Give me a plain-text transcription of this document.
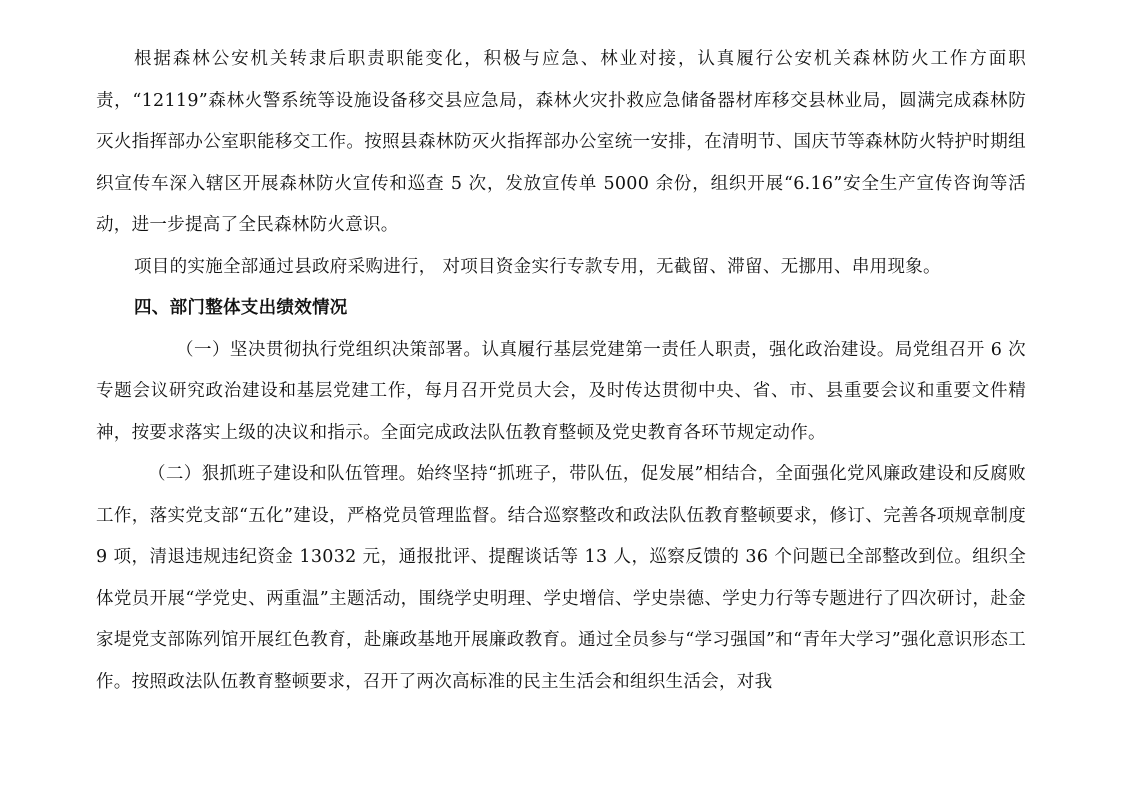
根据森林公安机关转隶后职责职能变化，积极与应急、林业对接，认真履行公安机关森林防火工作方面职责，“12119”森林火警系统等设施设备移交县应急局，森林火灾扑救应急储备器材库移交县林业局，圆满完成森林防灭火指挥部办公室职能移交工作。按照县森林防灭火指挥部办公室统一安排，在清明节、国庆节等森林防火特护时期组织宣传车深入辖区开展森林防火宣传和巡查 5 次，发放宣传单 5000 余份，组织开展“6.16”安全生产宣传咨询等活动，进一步提高了全民森林防火意识。

项目的实施全部通过县政府采购进行， 对项目资金实行专款专用，无截留、滞留、无挪用、串用现象。

四、部门整体支出绩效情况

（一）坚决贯彻执行党组织决策部署。认真履行基层党建第一责任人职责，强化政治建设。局党组召开 6 次专题会议研究政治建设和基层党建工作，每月召开党员大会，及时传达贯彻中央、省、市、县重要会议和重要文件精神，按要求落实上级的决议和指示。全面完成政法队伍教育整顿及党史教育各环节规定动作。

（二）狠抓班子建设和队伍管理。始终坚持“抓班子，带队伍，促发展”相结合，全面强化党风廉政建设和反腐败工作，落实党支部“五化”建设，严格党员管理监督。结合巡察整改和政法队伍教育整顿要求，修订、完善各项规章制度 9 项，清退违规违纪资金 13032 元，通报批评、提醒谈话等 13 人，巡察反馈的 36 个问题已全部整改到位。组织全体党员开展“学党史、两重温”主题活动，围绕学史明理、学史增信、学史崇德、学史力行等专题进行了四次研讨，赴金家堤党支部陈列馆开展红色教育，赴廉政基地开展廉政教育。通过全员参与“学习强国”和“青年大学习”强化意识形态工作。按照政法队伍教育整顿要求，召开了两次高标准的民主生活会和组织生活会，对我
